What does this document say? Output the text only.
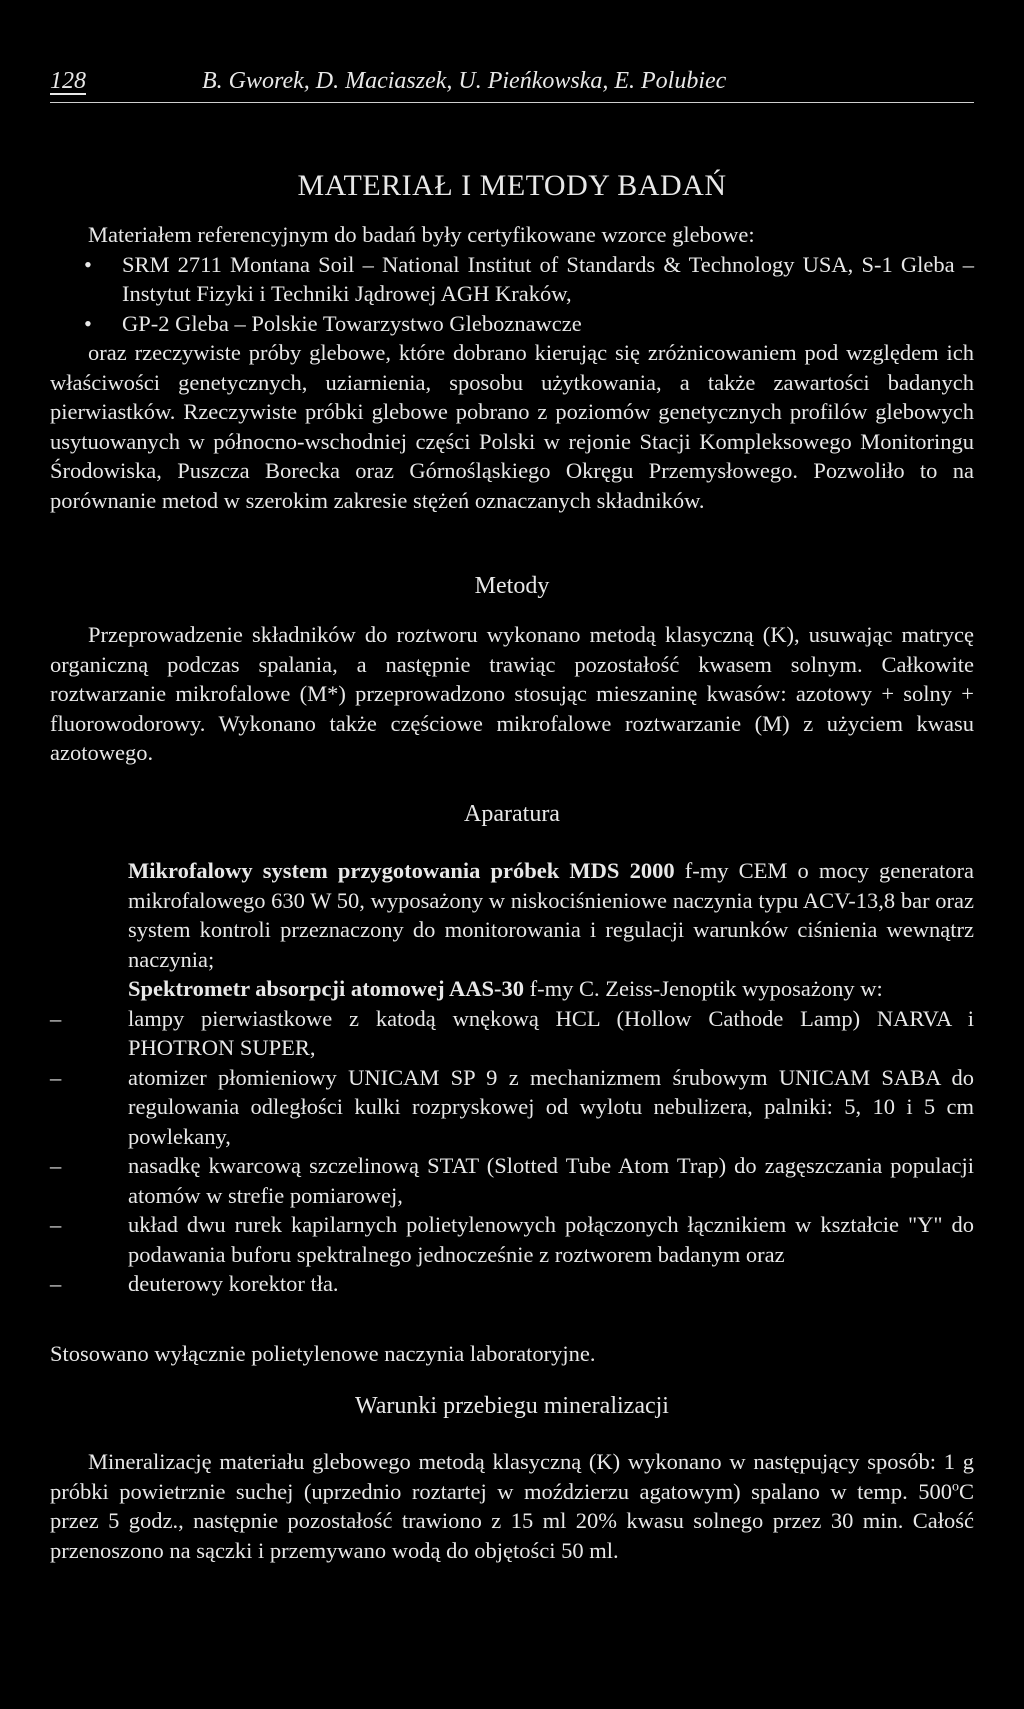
128	B. Gworek, D. Maciaszek, U. Pieńkowska, E. Polubiec
MATERIAŁ I METODY BADAŃ

Materiałem referencyjnym do badań były certyfikowane wzorce glebowe:

•	SRM 2711 Montana Soil – National Institut of Standards & Technology USA, S-1 Gleba – Instytut Fizyki i Techniki Jądrowej AGH Kraków,
•	GP-2 Gleba – Polskie Towarzystwo Gleboznawcze

oraz rzeczywiste próby glebowe, które dobrano kierując się zróżnicowaniem pod względem ich właściwości genetycznych, uziarnienia, sposobu użytkowania, a także zawartości badanych pierwiastków. Rzeczywiste próbki glebowe pobrano z poziomów genetycznych profilów glebowych usytuowanych w północno-wschodniej części Polski w rejonie Stacji Kompleksowego Monitoringu Środowiska, Puszcza Borecka oraz Górnośląskiego Okręgu Przemysłowego. Pozwoliło to na porównanie metod w szerokim zakresie stężeń oznaczanych składników.

Metody

Przeprowadzenie składników do roztworu wykonano metodą klasyczną (K), usuwając matrycę organiczną podczas spalania, a następnie trawiąc pozostałość kwasem solnym. Całkowite roztwarzanie mikrofalowe (M*) przeprowadzono stosując mieszaninę kwasów: azotowy + solny + fluorowodorowy. Wykonano także częściowe mikrofalowe roztwarzanie (M) z użyciem kwasu azotowego.

Aparatura

Mikrofalowy system przygotowania próbek MDS 2000 f-my CEM o mocy generatora mikrofalowego 630 W 50, wyposażony w niskociśnieniowe naczynia typu ACV-13,8 bar oraz system kontroli przeznaczony do monitorowania i regulacji warunków ciśnienia wewnątrz naczynia;

Spektrometr absorpcji atomowej AAS-30 f-my C. Zeiss-Jenoptik wyposażony w:

–	lampy pierwiastkowe z katodą wnękową HCL (Hollow Cathode Lamp) NARVA i PHOTRON SUPER,
–	atomizer płomieniowy UNICAM SP 9 z mechanizmem śrubowym UNICAM SABA do regulowania odległości kulki rozpryskowej od wylotu nebulizera, palniki: 5, 10 i 5 cm powlekany,
–	nasadkę kwarcową szczelinową STAT (Slotted Tube Atom Trap) do zagęszczania populacji atomów w strefie pomiarowej,
–	układ dwu rurek kapilarnych polietylenowych połączonych łącznikiem w kształcie "Y" do podawania buforu spektralnego jednocześnie z roztworem badanym oraz
–	deuterowy korektor tła.

Stosowano wyłącznie polietylenowe naczynia laboratoryjne.

Warunki przebiegu mineralizacji

Mineralizację materiału glebowego metodą klasyczną (K) wykonano w następujący sposób: 1 g próbki powietrznie suchej (uprzednio roztartej w moździerzu agatowym) spalano w temp. 500$^o$C przez 5 godz., następnie pozostałość trawiono z 15 ml 20% kwasu solnego przez 30 min. Całość przenoszono na sączki i przemywano wodą do objętości 50 ml.
